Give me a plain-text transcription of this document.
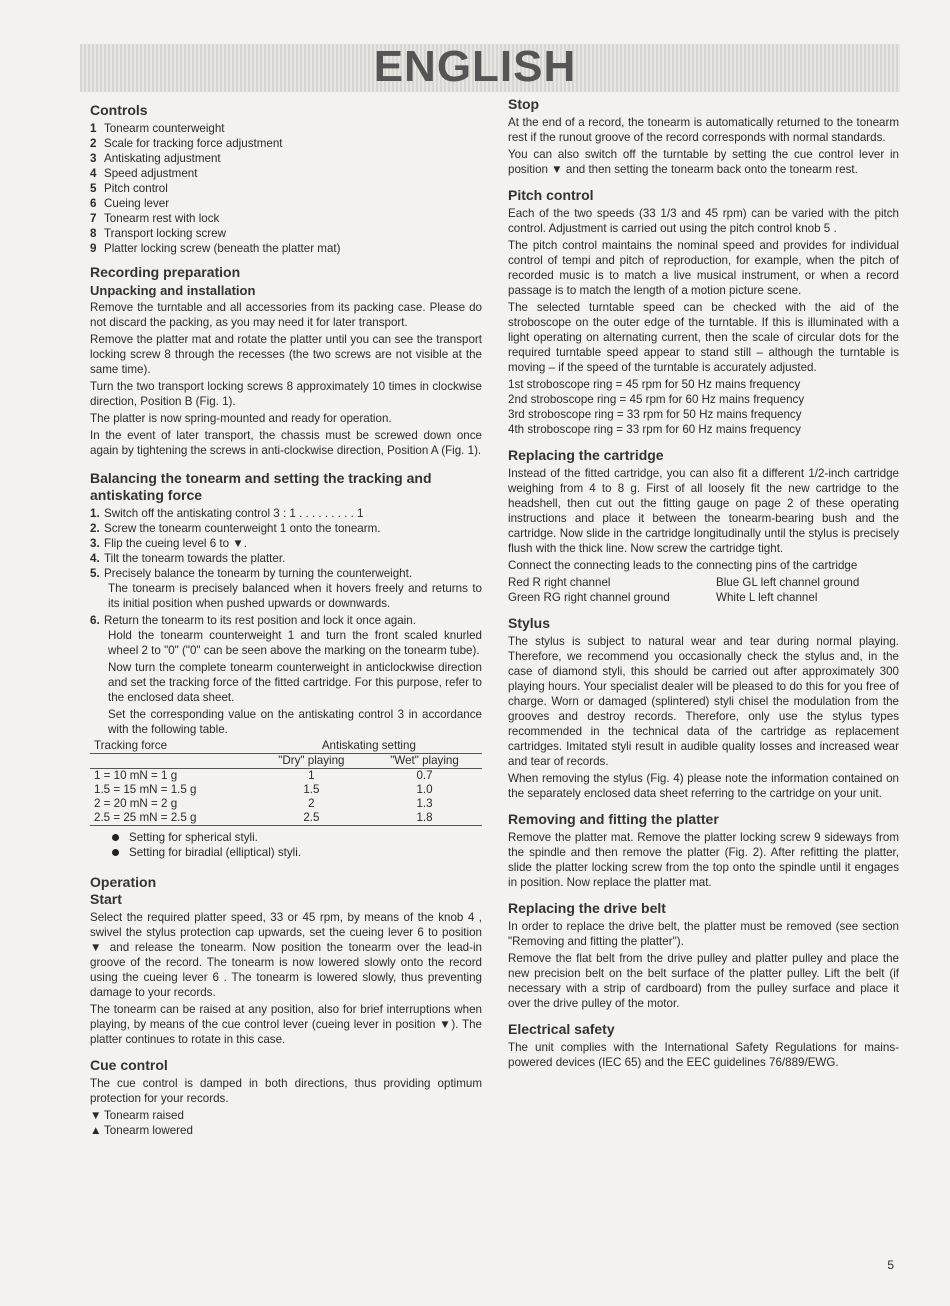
ENGLISH
Controls
1 Tonearm counterweight
2 Scale for tracking force adjustment
3 Antiskating adjustment
4 Speed adjustment
5 Pitch control
6 Cueing lever
7 Tonearm rest with lock
8 Transport locking screw
9 Platter locking screw (beneath the platter mat)
Recording preparation
Unpacking and installation

Remove the turntable and all accessories from its packing case. Please do not discard the packing, as you may need it for later transport.

Remove the platter mat and rotate the platter until you can see the transport locking screw 8 through the recesses (the two screws are not visible at the same time).

Turn the two transport locking screws 8 approximately 10 times in clockwise direction, Position B (Fig. 1).

The platter is now spring-mounted and ready for operation.

In the event of later transport, the chassis must be screwed down once again by tightening the screws in anti-clockwise direction, Position A (Fig. 1).

Balancing the tonearm and setting the tracking and antiskating force
1. Switch off the antiskating control 3 : 1 . . . . . . . . . 1
2. Screw the tonearm counterweight 1 onto the tonearm.
3. Flip the cueing level 6 to ▼.
4. Tilt the tonearm towards the platter.
5. Precisely balance the tonearm by turning the counterweight.

The tonearm is precisely balanced when it hovers freely and returns to its initial position when pushed upwards or downwards.

6. Return the tonearm to its rest position and lock it once again.

Hold the tonearm counterweight 1 and turn the front scaled knurled wheel 2 to "0" ("0" can be seen above the marking on the tonearm tube).

Now turn the complete tonearm counterweight in anticlockwise direction and set the tracking force of the fitted cartridge. For this purpose, refer to the enclosed data sheet.

Set the corresponding value on the antiskating control 3 in accordance with the following table.

Tracking force	Antiskating setting	
	"Dry" playing	"Wet" playing
1 = 10 mN = 1 g	1	0.7
1.5 = 15 mN = 1.5 g	1.5	1.0
2 = 20 mN = 2 g	2	1.3
2.5 = 25 mN = 2.5 g	2.5	1.8
Setting for spherical styli.
Setting for biradial (elliptical) styli.
Operation
Start

Select the required platter speed, 33 or 45 rpm, by means of the knob 4 , swivel the stylus protection cap upwards, set the cueing lever 6 to position ▼ and release the tonearm. Now position the tonearm over the lead-in groove of the record. The tonearm is now lowered slowly onto the record using the cueing lever 6 . The tonearm is lowered slowly, thus preventing damage to your records.

The tonearm can be raised at any position, also for brief interruptions when playing, by means of the cue control lever (cueing lever in position ▼). The platter continues to rotate in this case.

Cue control

The cue control is damped in both directions, thus providing optimum protection for your records.

▼ Tonearm raised
▲ Tonearm lowered
Stop

At the end of a record, the tonearm is automatically returned to the tonearm rest if the runout groove of the record corresponds with normal standards.

You can also switch off the turntable by setting the cue control lever in position ▼ and then setting the tonearm back onto the tonearm rest.

Pitch control

Each of the two speeds (33 1/3 and 45 rpm) can be varied with the pitch control. Adjustment is carried out using the pitch control knob 5 .

The pitch control maintains the nominal speed and provides for individual control of tempi and pitch of reproduction, for example, when the pitch of recorded music is to match a live musical instrument, or when a record passage is to match the length of a motion picture scene.

The selected turntable speed can be checked with the aid of the stroboscope on the outer edge of the turntable. If this is illuminated with a light operating on alternating current, then the scale of circular dots for the required turntable speed appear to stand still – although the turntable is moving – if the speed of the turntable is accurately adjusted.

1st stroboscope ring = 45 rpm for 50 Hz mains frequency
2nd stroboscope ring = 45 rpm for 60 Hz mains frequency
3rd stroboscope ring = 33 rpm for 50 Hz mains frequency
4th stroboscope ring = 33 rpm for 60 Hz mains frequency
Replacing the cartridge

Instead of the fitted cartridge, you can also fit a different 1/2-inch cartridge weighing from 4 to 8 g. First of all loosely fit the new cartridge to the headshell, then cut out the fitting gauge on page 2 of these operating instructions and place it between the tonearm-bearing bush and the cartridge. Now slide in the cartridge longitudinally until the stylus is precisely flush with the thick line. Now screw the cartridge tight.

Connect the connecting leads to the connecting pins of the cartridge

Red R right channel	Blue GL left channel ground
Green RG right channel ground	White L left channel
Stylus

The stylus is subject to natural wear and tear during normal playing. Therefore, we recommend you occasionally check the stylus and, in the case of diamond styli, this should be carried out after approximately 300 playing hours. Your specialist dealer will be pleased to do this for you free of charge. Worn or damaged (splintered) styli chisel the modulation from the grooves and destroy records. Therefore, only use the stylus types recommended in the technical data of the cartridge as replacement cartridges. Imitated styli result in audible quality losses and increased wear and tear of records.

When removing the stylus (Fig. 4) please note the information contained on the separately enclosed data sheet referring to the cartridge on your unit.

Removing and fitting the platter

Remove the platter mat. Remove the platter locking screw 9 sideways from the spindle and then remove the platter (Fig. 2). After refitting the platter, slide the platter locking screw from the top onto the spindle until it engages in position. Now replace the platter mat.

Replacing the drive belt

In order to replace the drive belt, the platter must be removed (see section "Removing and fitting the platter").

Remove the flat belt from the drive pulley and platter pulley and place the new precision belt on the belt surface of the platter pulley. Lift the belt (if necessary with a strip of cardboard) from the pulley surface and place it over the drive pulley of the motor.

Electrical safety

The unit complies with the International Safety Regulations for mains-powered devices (IEC 65) and the EEC guidelines 76/889/EWG.

5
